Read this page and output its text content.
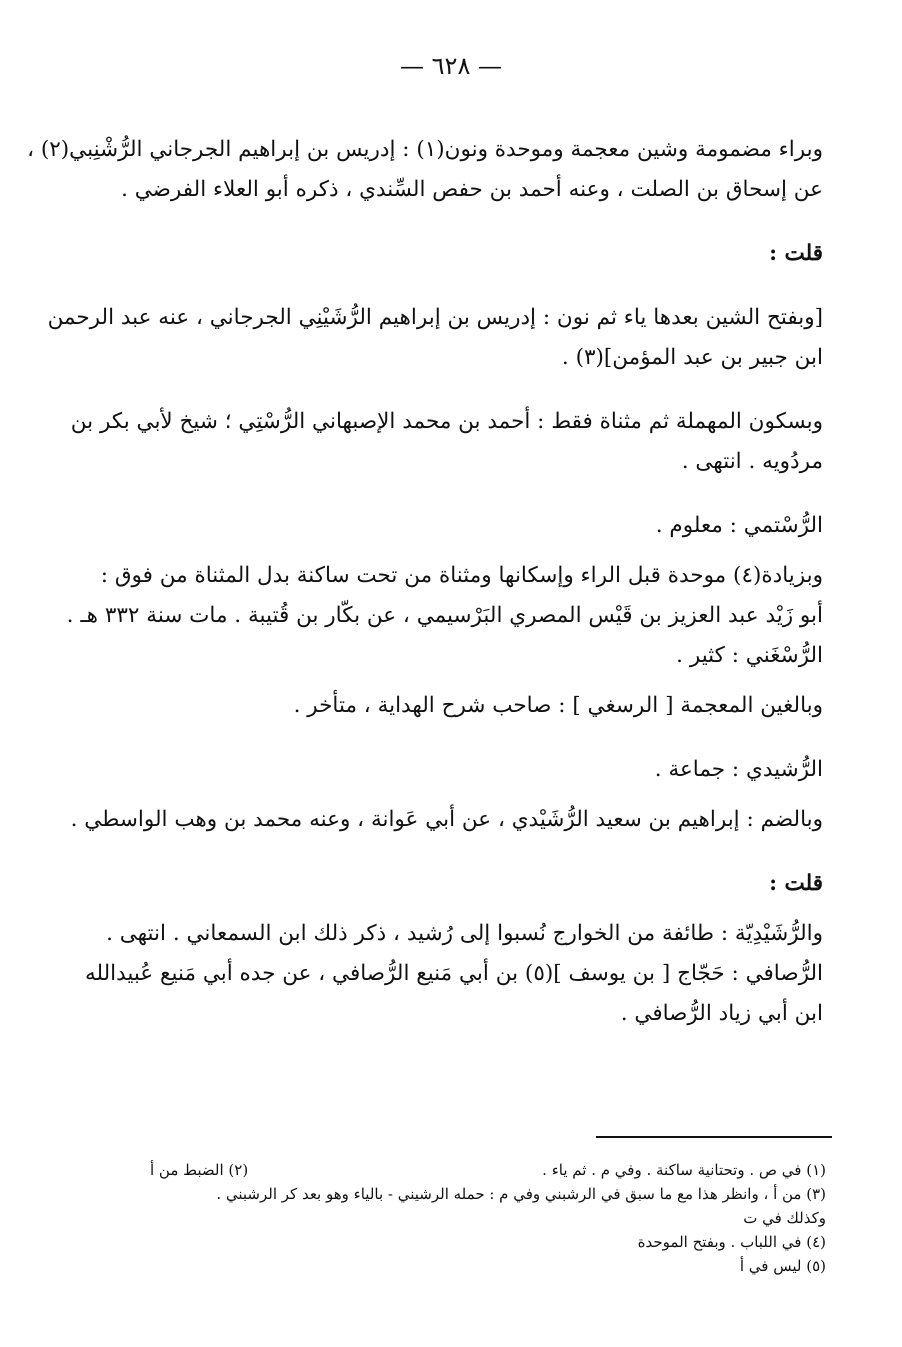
— ٦٢٨ —
وبراء مضمومة وشين معجمة وموحدة ونون(١) : إدريس بن إبراهيم الجرجاني الرُّشْنِبي(٢) ،
عن إسحاق بن الصلت ، وعنه أحمد بن حفص السِّندي ، ذكره أبو العلاء الفرضي .
قلت :
[وبفتح الشين بعدها ياء ثم نون : إدريس بن إبراهيم الرُّشَيْنِي الجرجاني ، عنه عبد الرحمن
ابن جبير بن عبد المؤمن](٣) .
وبسكون المهملة ثم مثناة فقط : أحمد بن محمد الإصبهاني الرُّسْتِي ؛ شيخ لأبي بكر بن
مردُويه . انتهى .
الرُّسْتمي : معلوم .
وبزيادة(٤) موحدة قبل الراء وإسكانها ومثناة من تحت ساكنة بدل المثناة من فوق :
أبو زَيْد عبد العزيز بن قَيْس المصري البَرْسيمي ، عن بكّار بن قُتيبة . مات سنة ٣٣٢ هـ .
الرُّسْغَني : كثير .
وبالغين المعجمة [ الرسغي ] : صاحب شرح الهداية ، متأخر .
الرُّشيدي : جماعة .
وبالضم : إبراهيم بن سعيد الرُّشَيْدي ، عن أبي عَوانة ، وعنه محمد بن وهب الواسطي .
قلت :
والرُّشَيْدِيّة : طائفة من الخوارج نُسبوا إلى رُشيد ، ذكر ذلك ابن السمعاني . انتهى .
الرُّصافي : حَجّاج [ بن يوسف ](٥) بن أبي مَنيع الرُّصافي ، عن جده أبي مَنيع عُبيدالله
ابن أبي زياد الرُّصافي .
(١) في ص . وتحتانية ساكنة . وفي م . ثم ياء .
(٢) الضبط من أ
(٣) من أ ، وانظر هذا مع ما سبق في الرشبني وفي م : حمله الرشيني - بالياء وهو بعد كر الرشبني .
وكذلك في ت
(٤) في اللباب . وبفتح الموحدة
(٥) ليس في أ
